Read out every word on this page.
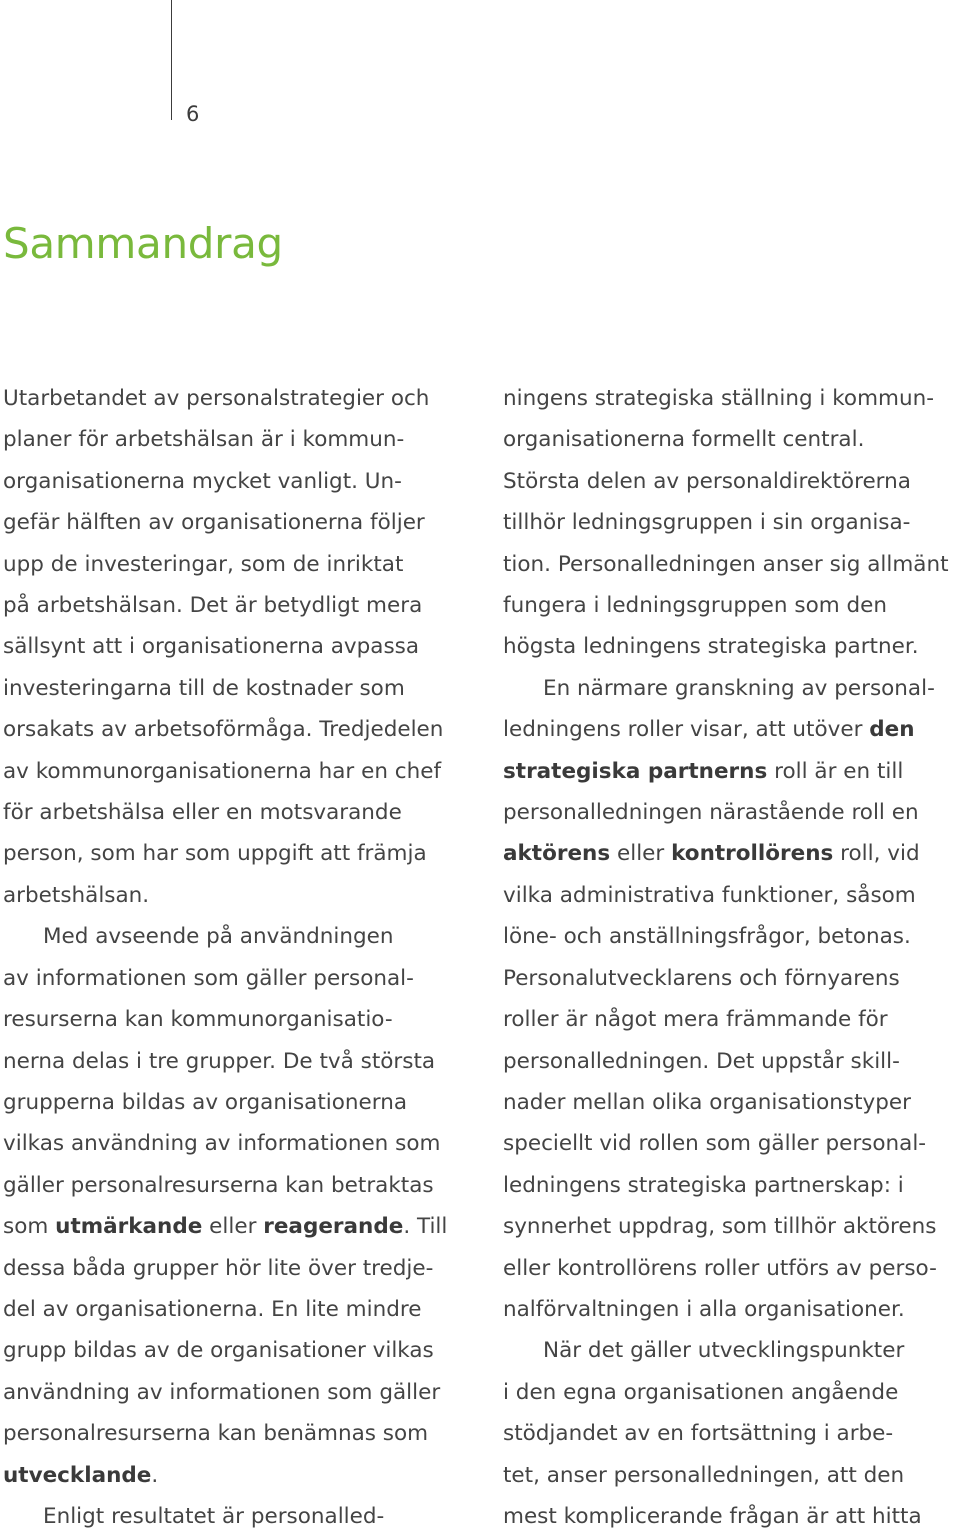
6
Sammandrag
Utarbetandet av personalstrategier och
planer för arbetshälsan är i kommun-
organisationerna mycket vanligt. Un-
gefär hälften av organisationerna följer
upp de investeringar, som de inriktat
på arbetshälsan. Det är betydligt mera
sällsynt att i organisationerna avpassa
investeringarna till de kostnader som
orsakats av arbetsoförmåga. Tredjedelen
av kommunorganisationerna har en chef
för arbetshälsa eller en motsvarande
person, som har som uppgift att främja
arbetshälsan.
Med avseende på användningen
av informationen som gäller personal-
resurserna kan kommunorganisatio-
nerna delas i tre grupper. De två största
grupperna bildas av organisationerna
vilkas användning av informationen som
gäller personalresurserna kan betraktas
som utmärkande eller reagerande. Till
dessa båda grupper hör lite över tredje-
del av organisationerna. En lite mindre
grupp bildas av de organisationer vilkas
användning av informationen som gäller
personalresurserna kan benämnas som
utvecklande.
Enligt resultatet är personalled-
ningens strategiska ställning i kommun-
organisationerna formellt central.
Största delen av personaldirektörerna
tillhör ledningsgruppen i sin organisa-
tion. Personalledningen anser sig allmänt
fungera i ledningsgruppen som den
högsta ledningens strategiska partner.
En närmare granskning av personal-
ledningens roller visar, att utöver den
strategiska partnerns roll är en till
personalledningen närastående roll en
aktörens eller kontrollörens roll, vid
vilka administrativa funktioner, såsom
löne- och anställningsfrågor, betonas.
Personalutvecklarens och förnyarens
roller är något mera främmande för
personalledningen. Det uppstår skill-
nader mellan olika organisationstyper
speciellt vid rollen som gäller personal-
ledningens strategiska partnerskap: i
synnerhet uppdrag, som tillhör aktörens
eller kontrollörens roller utförs av perso-
nalförvaltningen i alla organisationer.
När det gäller utvecklingspunkter
i den egna organisationen angående
stödjandet av en fortsättning i arbe-
tet, anser personalledningen, att den
mest komplicerande frågan är att hitta
